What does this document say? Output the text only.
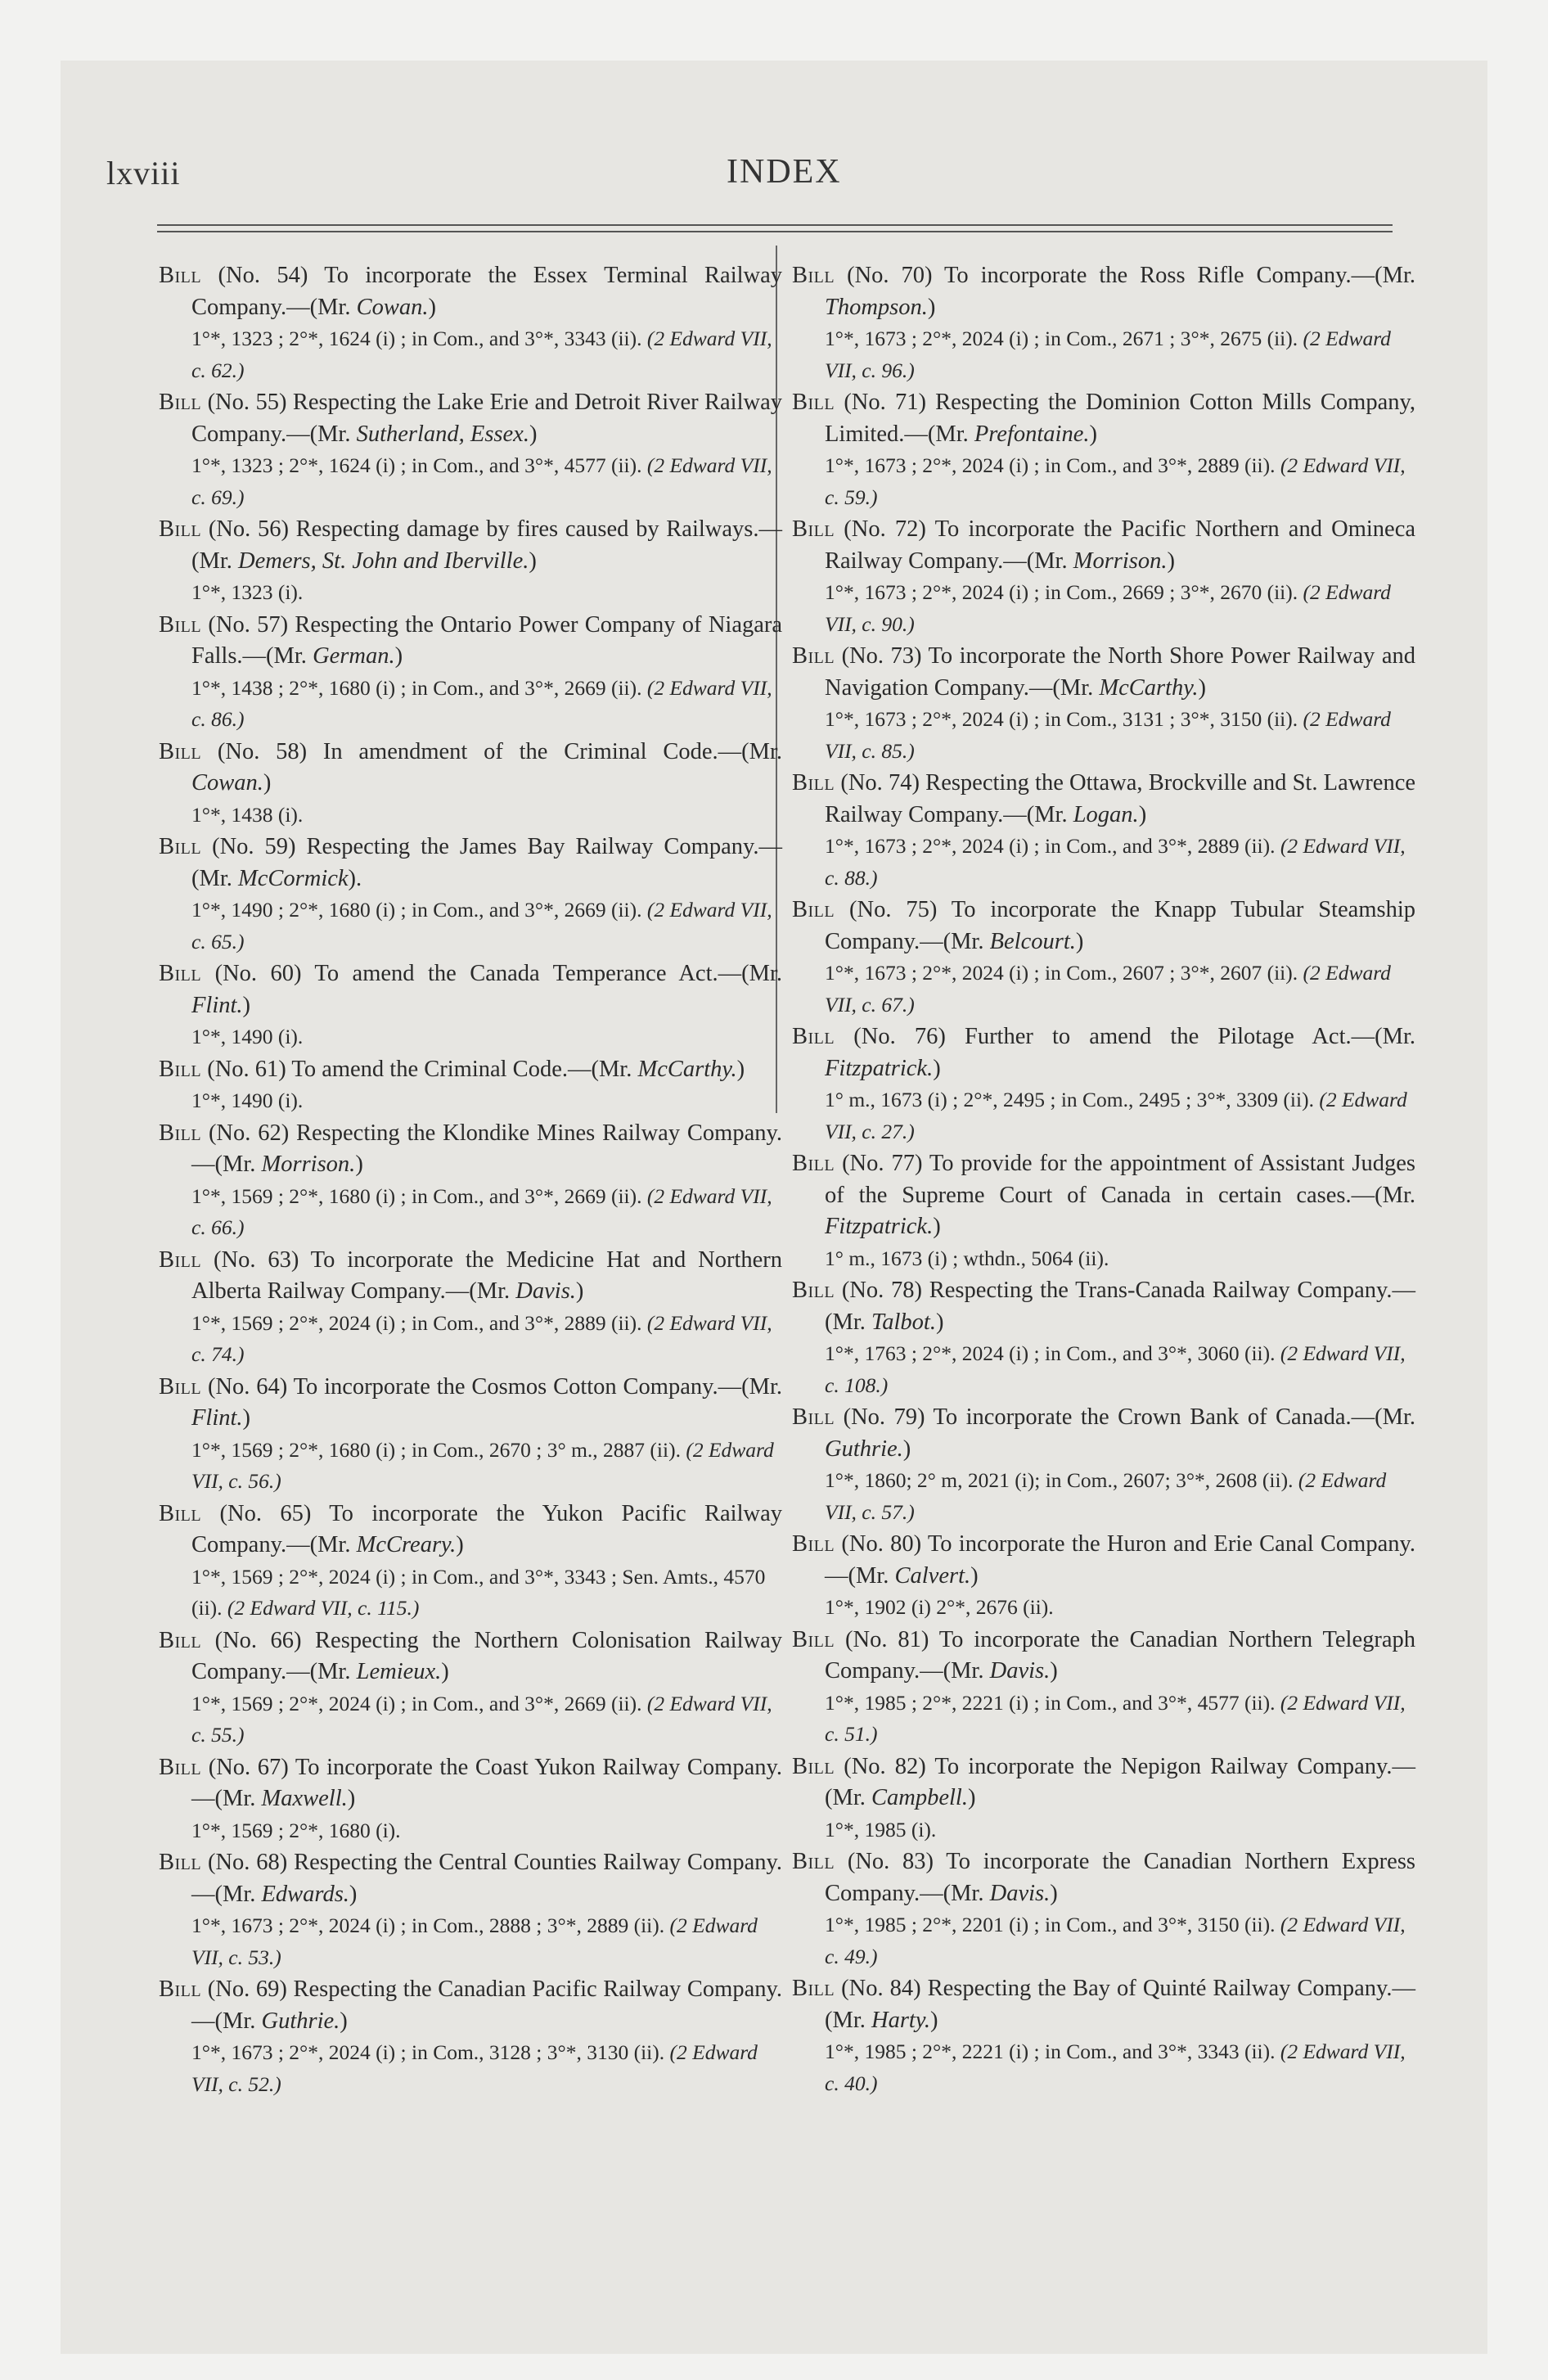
lxviii	INDEX
Bill (No. 54) To incorporate the Essex Terminal Railway Company.—(Mr. Cowan.)
1°*, 1323 ; 2°*, 1624 (i) ; in Com., and 3°*, 3343 (ii). (2 Edward VII, c. 62.)
Bill (No. 55) Respecting the Lake Erie and Detroit River Railway Company.—(Mr. Sutherland, Essex.)
1°*, 1323 ; 2°*, 1624 (i) ; in Com., and 3°*, 4577 (ii). (2 Edward VII, c. 69.)
Bill (No. 56) Respecting damage by fires caused by Railways.—(Mr. Demers, St. John and Iberville.)
1°*, 1323 (i).
Bill (No. 57) Respecting the Ontario Power Company of Niagara Falls.—(Mr. German.)
1°*, 1438 ; 2°*, 1680 (i) ; in Com., and 3°*, 2669 (ii). (2 Edward VII, c. 86.)
Bill (No. 58) In amendment of the Criminal Code.—(Mr. Cowan.)
1°*, 1438 (i).
Bill (No. 59) Respecting the James Bay Railway Company.—(Mr. McCormick).
1°*, 1490 ; 2°*, 1680 (i) ; in Com., and 3°*, 2669 (ii). (2 Edward VII, c. 65.)
Bill (No. 60) To amend the Canada Temperance Act.—(Mr. Flint.)
1°*, 1490 (i).
Bill (No. 61) To amend the Criminal Code.—(Mr. McCarthy.)
1°*, 1490 (i).
Bill (No. 62) Respecting the Klondike Mines Railway Company.—(Mr. Morrison.)
1°*, 1569 ; 2°*, 1680 (i) ; in Com., and 3°*, 2669 (ii). (2 Edward VII, c. 66.)
Bill (No. 63) To incorporate the Medicine Hat and Northern Alberta Railway Company.—(Mr. Davis.)
1°*, 1569 ; 2°*, 2024 (i) ; in Com., and 3°*, 2889 (ii). (2 Edward VII, c. 74.)
Bill (No. 64) To incorporate the Cosmos Cotton Company.—(Mr. Flint.)
1°*, 1569 ; 2°*, 1680 (i) ; in Com., 2670 ; 3° m., 2887 (ii). (2 Edward VII, c. 56.)
Bill (No. 65) To incorporate the Yukon Pacific Railway Company.—(Mr. McCreary.)
1°*, 1569 ; 2°*, 2024 (i) ; in Com., and 3°*, 3343 ; Sen. Amts., 4570 (ii). (2 Edward VII, c. 115.)
Bill (No. 66) Respecting the Northern Colonisation Railway Company.—(Mr. Lemieux.)
1°*, 1569 ; 2°*, 2024 (i) ; in Com., and 3°*, 2669 (ii). (2 Edward VII, c. 55.)
Bill (No. 67) To incorporate the Coast Yukon Railway Company.—(Mr. Maxwell.)
1°*, 1569 ; 2°*, 1680 (i).
Bill (No. 68) Respecting the Central Counties Railway Company.—(Mr. Edwards.)
1°*, 1673 ; 2°*, 2024 (i) ; in Com., 2888 ; 3°*, 2889 (ii). (2 Edward VII, c. 53.)
Bill (No. 69) Respecting the Canadian Pacific Railway Company.—(Mr. Guthrie.)
1°*, 1673 ; 2°*, 2024 (i) ; in Com., 3128 ; 3°*, 3130 (ii). (2 Edward VII, c. 52.)
Bill (No. 70) To incorporate the Ross Rifle Company.—(Mr. Thompson.)
1°*, 1673 ; 2°*, 2024 (i) ; in Com., 2671 ; 3°*, 2675 (ii). (2 Edward VII, c. 96.)
Bill (No. 71) Respecting the Dominion Cotton Mills Company, Limited.—(Mr. Prefontaine.)
1°*, 1673 ; 2°*, 2024 (i) ; in Com., and 3°*, 2889 (ii). (2 Edward VII, c. 59.)
Bill (No. 72) To incorporate the Pacific Northern and Omineca Railway Company.—(Mr. Morrison.)
1°*, 1673 ; 2°*, 2024 (i) ; in Com., 2669 ; 3°*, 2670 (ii). (2 Edward VII, c. 90.)
Bill (No. 73) To incorporate the North Shore Power Railway and Navigation Company.—(Mr. McCarthy.)
1°*, 1673 ; 2°*, 2024 (i) ; in Com., 3131 ; 3°*, 3150 (ii). (2 Edward VII, c. 85.)
Bill (No. 74) Respecting the Ottawa, Brockville and St. Lawrence Railway Company.—(Mr. Logan.)
1°*, 1673 ; 2°*, 2024 (i) ; in Com., and 3°*, 2889 (ii). (2 Edward VII, c. 88.)
Bill (No. 75) To incorporate the Knapp Tubular Steamship Company.—(Mr. Belcourt.)
1°*, 1673 ; 2°*, 2024 (i) ; in Com., 2607 ; 3°*, 2607 (ii). (2 Edward VII, c. 67.)
Bill (No. 76) Further to amend the Pilotage Act.—(Mr. Fitzpatrick.)
1° m., 1673 (i) ; 2°*, 2495 ; in Com., 2495 ; 3°*, 3309 (ii). (2 Edward VII, c. 27.)
Bill (No. 77) To provide for the appointment of Assistant Judges of the Supreme Court of Canada in certain cases.—(Mr. Fitzpatrick.)
1° m., 1673 (i) ; wthdn., 5064 (ii).
Bill (No. 78) Respecting the Trans-Canada Railway Company.—(Mr. Talbot.)
1°*, 1763 ; 2°*, 2024 (i) ; in Com., and 3°*, 3060 (ii). (2 Edward VII, c. 108.)
Bill (No. 79) To incorporate the Crown Bank of Canada.—(Mr. Guthrie.)
1°*, 1860; 2° m, 2021 (i); in Com., 2607; 3°*, 2608 (ii). (2 Edward VII, c. 57.)
Bill (No. 80) To incorporate the Huron and Erie Canal Company.—(Mr. Calvert.)
1°*, 1902 (i) 2°*, 2676 (ii).
Bill (No. 81) To incorporate the Canadian Northern Telegraph Company.—(Mr. Davis.)
1°*, 1985 ; 2°*, 2221 (i) ; in Com., and 3°*, 4577 (ii). (2 Edward VII, c. 51.)
Bill (No. 82) To incorporate the Nepigon Railway Company.—(Mr. Campbell.)
1°*, 1985 (i).
Bill (No. 83) To incorporate the Canadian Northern Express Company.—(Mr. Davis.)
1°*, 1985 ; 2°*, 2201 (i) ; in Com., and 3°*, 3150 (ii). (2 Edward VII, c. 49.)
Bill (No. 84) Respecting the Bay of Quinté Railway Company.—(Mr. Harty.)
1°*, 1985 ; 2°*, 2221 (i) ; in Com., and 3°*, 3343 (ii). (2 Edward VII, c. 40.)
